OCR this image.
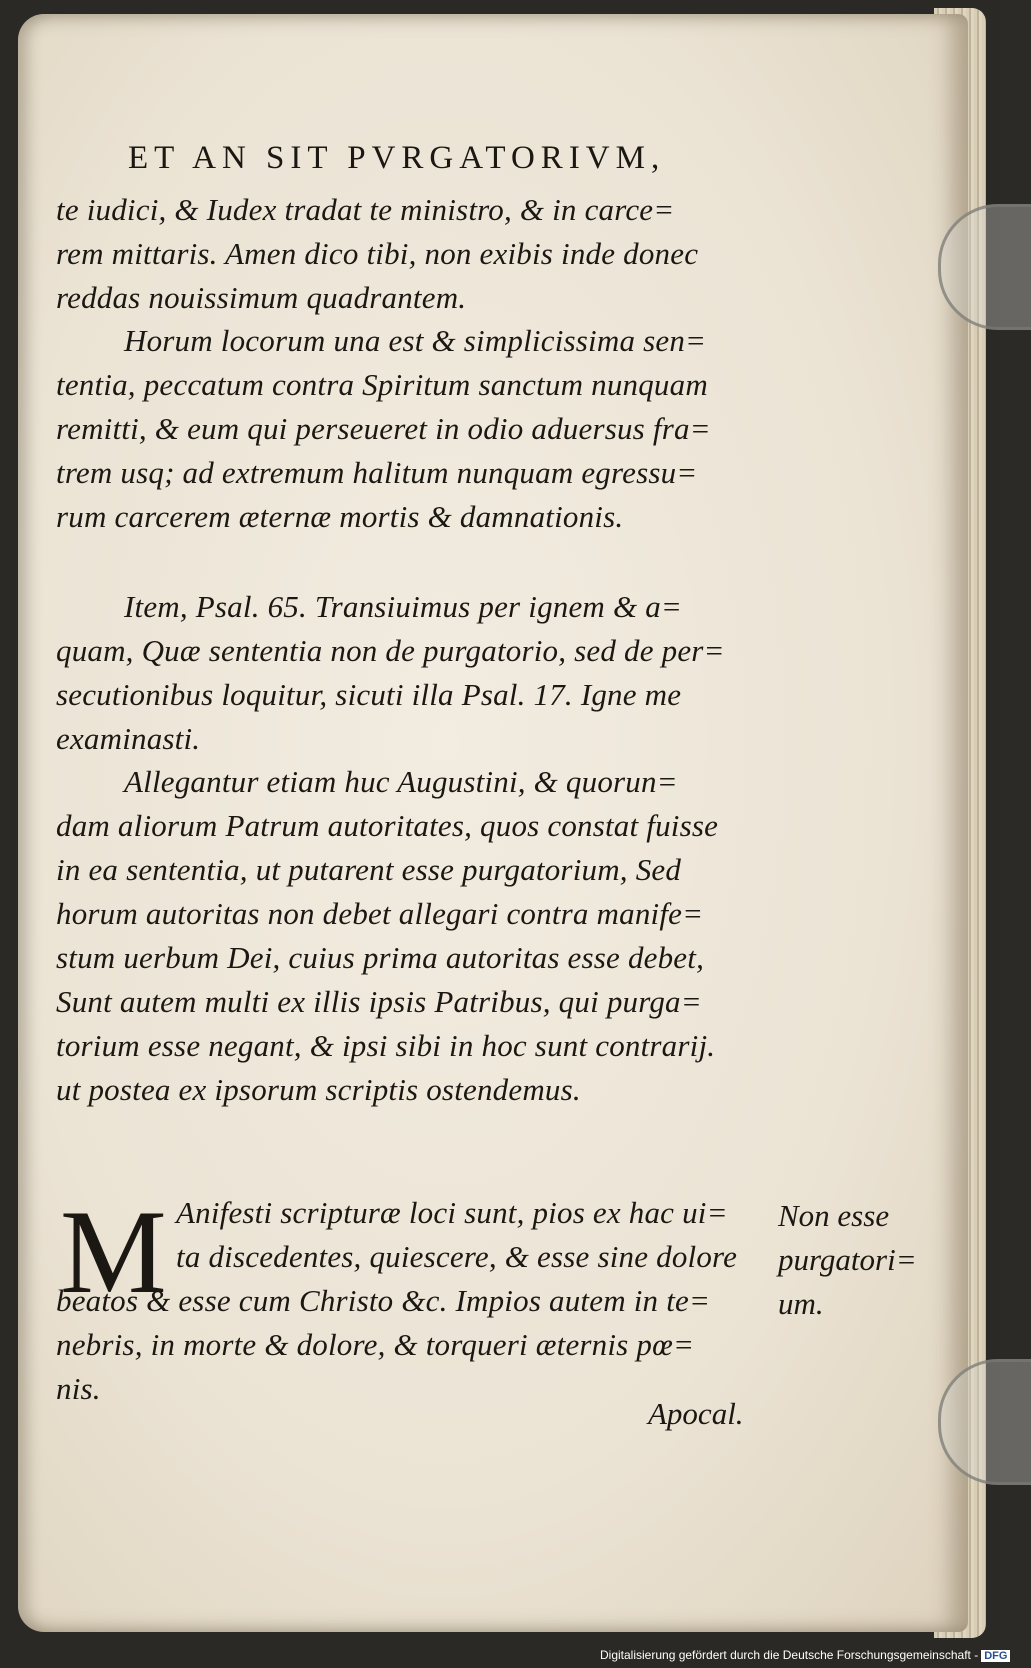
ET AN SIT PVRGATORIVM,
te iudici, & Iudex tradat te ministro, & in carce=
rem mittaris. Amen dico tibi, non exibis inde donec
reddas nouissimum quadrantem.
Horum locorum una est & simplicissima sen=
tentia, peccatum contra Spiritum sanctum nunquam
remitti, & eum qui perseueret in odio aduersus fra=
trem usq; ad extremum halitum nunquam egressu=
rum carcerem æternæ mortis & damnationis.
Item, Psal. 65. Transiuimus per ignem & a=
quam, Quæ sententia non de purgatorio, sed de per=
secutionibus loquitur, sicuti illa Psal. 17. Igne me
examinasti.
Allegantur etiam huc Augustini, & quorun=
dam aliorum Patrum autoritates, quos constat fuisse
in ea sententia, ut putarent esse purgatorium, Sed
horum autoritas non debet allegari contra manife=
stum uerbum Dei, cuius prima autoritas esse debet,
Sunt autem multi ex illis ipsis Patribus, qui purga=
torium esse negant, & ipsi sibi in hoc sunt contrarij.
ut postea ex ipsorum scriptis ostendemus.
M Anifesti scripturæ loci sunt, pios ex hac ui=
ta discedentes, quiescere, & esse sine dolore
beatos & esse cum Christo &c. Impios autem in te=
nebris, in morte & dolore, & torqueri æternis pœ=
nis.
Apocal.
Non esse
purgatori=
um.
Digitalisierung gefördert durch die Deutsche Forschungsgemeinschaft - DFG
